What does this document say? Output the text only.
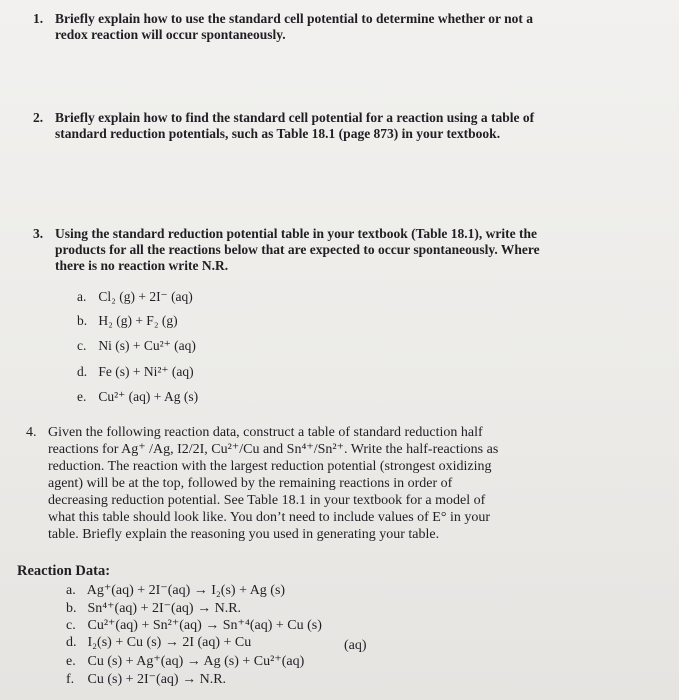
1. Briefly explain how to use the standard cell potential to determine whether or not a
redox reaction will occur spontaneously.
2. Briefly explain how to find the standard cell potential for a reaction using a table of
standard reduction potentials, such as Table 18.1 (page 873) in your textbook.
3. Using the standard reduction potential table in your textbook (Table 18.1), write the
products for all the reactions below that are expected to occur spontaneously. Where
there is no reaction write N.R.
a. Cl₂ (g) + 2I⁻ (aq)
b. H₂ (g) + F₂ (g)
c. Ni (s) + Cu²⁺ (aq)
d. Fe (s) + Ni²⁺ (aq)
e. Cu²⁺ (aq) + Ag (s)
4. Given the following reaction data, construct a table of standard reduction half
reactions for Ag⁺ /Ag, I2/2I, Cu²⁺/Cu and Sn⁴⁺/Sn²⁺. Write the half-reactions as
reduction. The reaction with the largest reduction potential (strongest oxidizing
agent) will be at the top, followed by the remaining reactions in order of
decreasing reduction potential. See Table 18.1 in your textbook for a model of
what this table should look like. You don’t need to include values of E° in your
table. Briefly explain the reasoning you used in generating your table.
Reaction Data:
a. Ag⁺(aq) + 2I⁻(aq) → I₂(s) + Ag (s)
b. Sn⁴⁺(aq) + 2I⁻(aq) → N.R.
c. Cu²⁺(aq) + Sn²⁺(aq) → Sn⁺⁴(aq) + Cu (s)
d. I₂(s) + Cu (s) → 2I (aq) + Cu	(aq)
e. Cu (s) + Ag⁺(aq) → Ag (s) + Cu²⁺(aq)
f. Cu (s) + 2I⁻(aq) → N.R.
